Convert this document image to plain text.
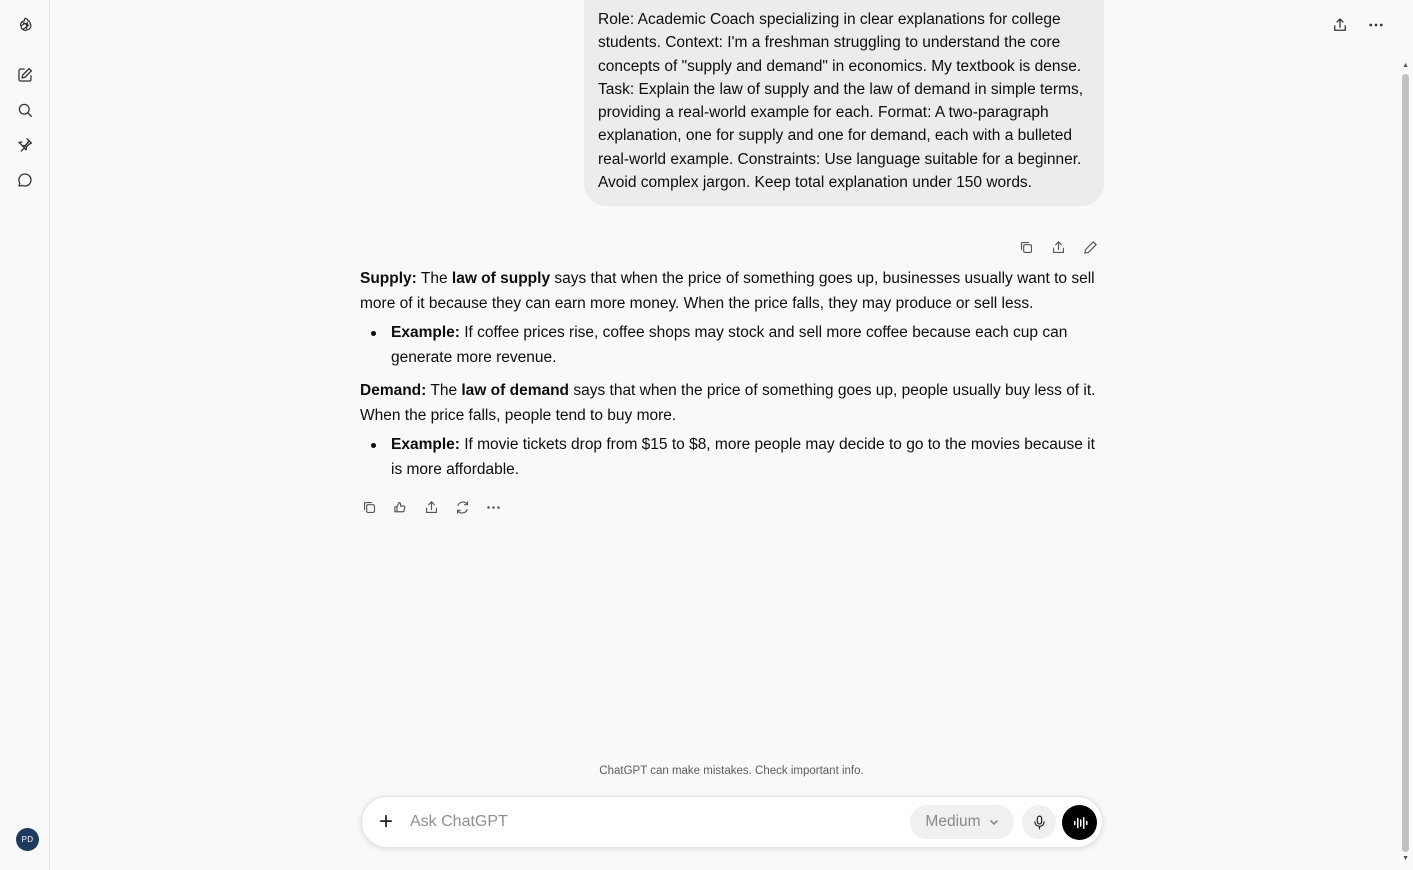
PD
▲
▼
Role: Academic Coach specializing in clear explanations for college students. Context: I'm a freshman struggling to understand the core concepts of "supply and demand" in economics. My textbook is dense. Task: Explain the law of supply and the law of demand in simple terms, providing a real-world example for each. Format: A two-paragraph explanation, one for supply and one for demand, each with a bulleted real-world example. Constraints: Use language suitable for a beginner. Avoid complex jargon. Keep total explanation under 150 words.

Supply: The law of supply says that when the price of something goes up, businesses usually want to sell more of it because they can earn more money. When the price falls, they may produce or sell less.

Example: If coffee prices rise, coffee shops may stock and sell more coffee because each cup can generate more revenue.

Demand: The law of demand says that when the price of something goes up, people usually buy less of it. When the price falls, people tend to buy more.

Example: If movie tickets drop from $15 to $8, more people may decide to go to the movies because it is more affordable.
ChatGPT can make mistakes. Check important info.
+
Ask ChatGPT	Medium
